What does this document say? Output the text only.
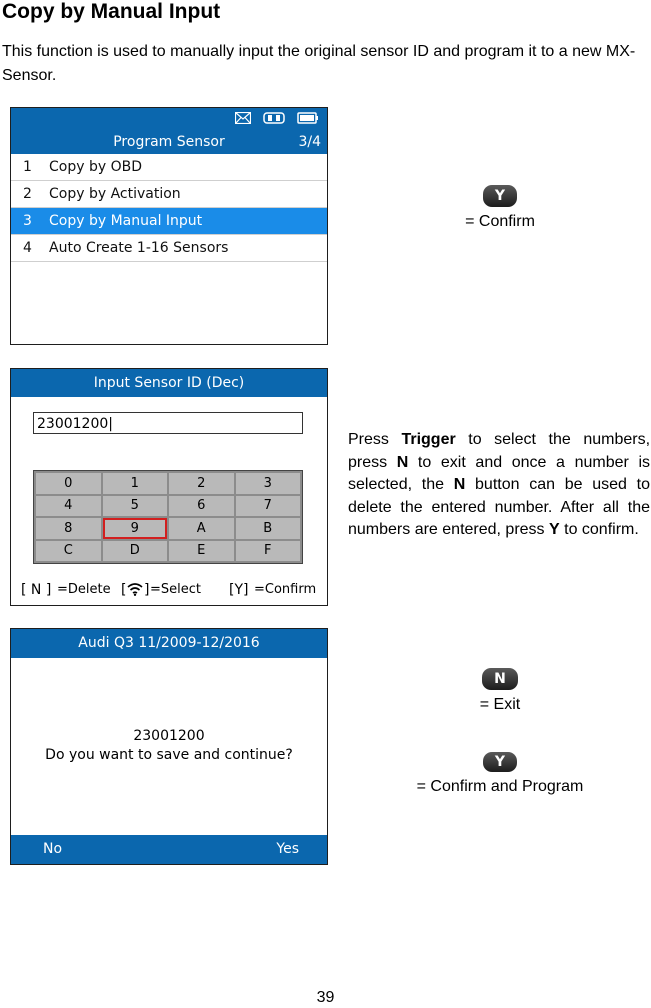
Copy by Manual Input

This function is used to manually input the original sensor ID and program it to a new MX-Sensor.

Program Sensor	3/4
1 Copy by OBD
2 Copy by Activation
3 Copy by Manual Input
4 Auto Create 1-16 Sensors
Y
= Confirm
Input Sensor ID (Dec)
23001200|
0	1	2	3
4	5	6	7
8	9	A	B
C	D	E	F
[ N ] =Delete [ ] =Select [Y] =Confirm

Press Trigger to select the numbers, press N to exit and once a number is selected, the N button can be used to delete the entered number. After all the numbers are entered, press Y to confirm.

Audi Q3 11/2009-12/2016
23001200
Do you want to save and continue?
No	Yes
N
= Exit
Y
= Confirm and Program
39
